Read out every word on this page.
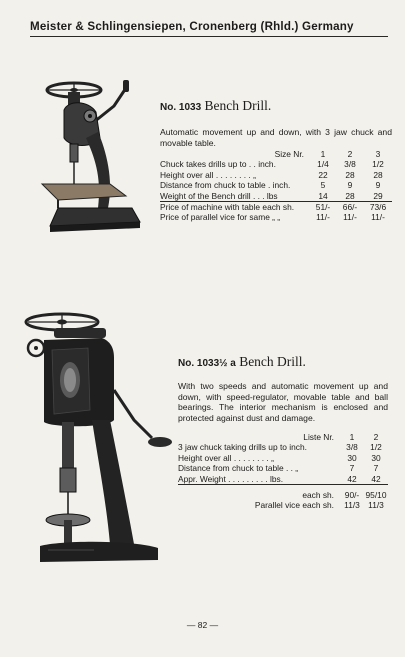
Meister & Schlingensiepen, Cronenberg (Rhld.) Germany
No. 1033 Bench Drill.
Automatic movement up and down, with 3 jaw chuck and movable table.
Size Nr.	1	2	3
Chuck takes drills up to . . inch.	1/4	3/8	1/2
Height over all . . . . . . . . „	22	28	28
Distance from chuck to table . inch.	5	9	9
Weight of the Bench drill . . . lbs	14	28	29
Price of machine with table each sh.	51/-	66/-	73/6
Price of parallel vice for same „ „	11/-	11/-	11/-
No. 1033½ a Bench Drill.
With two speeds and automatic movement up and down, with speed-regulator, movable table and ball bearings. The interior mechanism is enclosed and protected against dust and damage.
Liste Nr.	1	2
3 jaw chuck taking drills up to inch.	3/8	1/2
Height over all . . . . . . . . „	30	30
Distance from chuck to table . . „	7	7
Appr. Weight . . . . . . . . . lbs.	42	42

each sh.	90/-	95/10
Parallel vice each sh.	11/3	11/3
— 82 —
